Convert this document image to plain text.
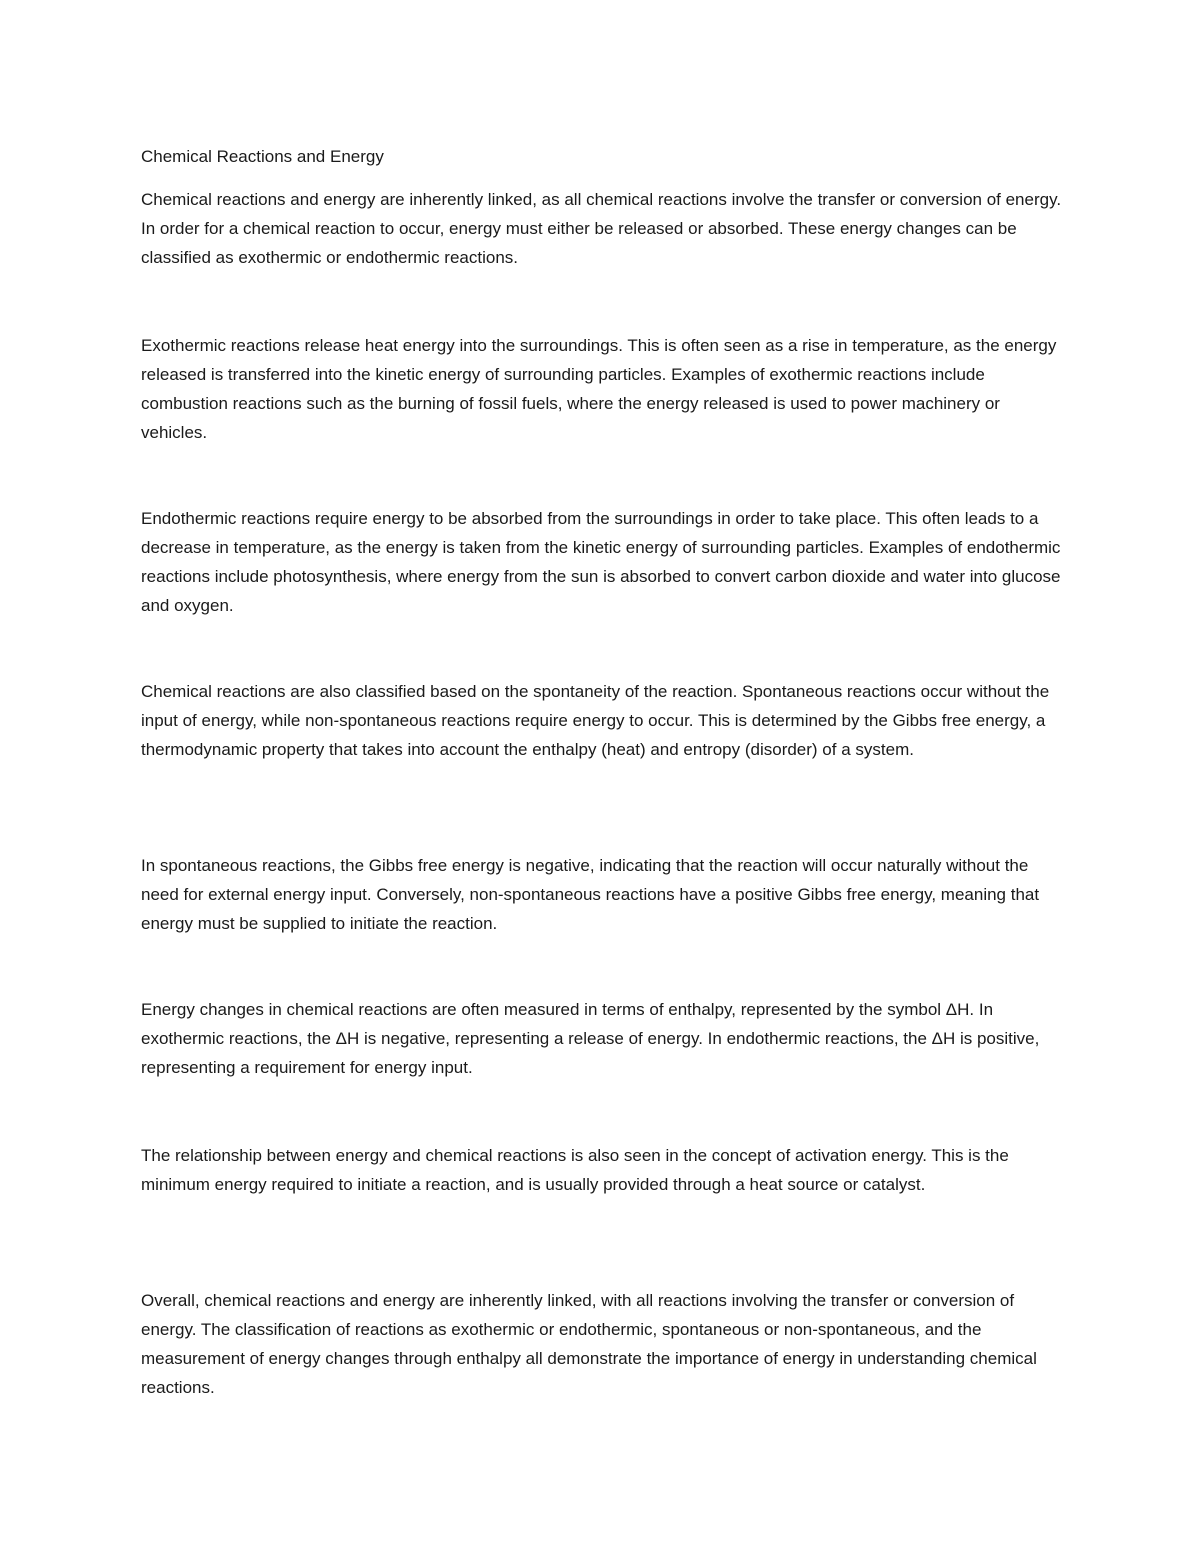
Chemical Reactions and Energy

Chemical reactions and energy are inherently linked, as all chemical reactions involve the transfer or conversion of energy. In order for a chemical reaction to occur, energy must either be released or absorbed. These energy changes can be classified as exothermic or endothermic reactions.

Exothermic reactions release heat energy into the surroundings. This is often seen as a rise in temperature, as the energy released is transferred into the kinetic energy of surrounding particles. Examples of exothermic reactions include combustion reactions such as the burning of fossil fuels, where the energy released is used to power machinery or vehicles.

Endothermic reactions require energy to be absorbed from the surroundings in order to take place. This often leads to a decrease in temperature, as the energy is taken from the kinetic energy of surrounding particles. Examples of endothermic reactions include photosynthesis, where energy from the sun is absorbed to convert carbon dioxide and water into glucose and oxygen.

Chemical reactions are also classified based on the spontaneity of the reaction. Spontaneous reactions occur without the input of energy, while non-spontaneous reactions require energy to occur. This is determined by the Gibbs free energy, a thermodynamic property that takes into account the enthalpy (heat) and entropy (disorder) of a system.

In spontaneous reactions, the Gibbs free energy is negative, indicating that the reaction will occur naturally without the need for external energy input. Conversely, non-spontaneous reactions have a positive Gibbs free energy, meaning that energy must be supplied to initiate the reaction.

Energy changes in chemical reactions are often measured in terms of enthalpy, represented by the symbol ΔH. In exothermic reactions, the ΔH is negative, representing a release of energy. In endothermic reactions, the ΔH is positive, representing a requirement for energy input.

The relationship between energy and chemical reactions is also seen in the concept of activation energy. This is the minimum energy required to initiate a reaction, and is usually provided through a heat source or catalyst.

Overall, chemical reactions and energy are inherently linked, with all reactions involving the transfer or conversion of energy. The classification of reactions as exothermic or endothermic, spontaneous or non-spontaneous, and the measurement of energy changes through enthalpy all demonstrate the importance of energy in understanding chemical reactions.
